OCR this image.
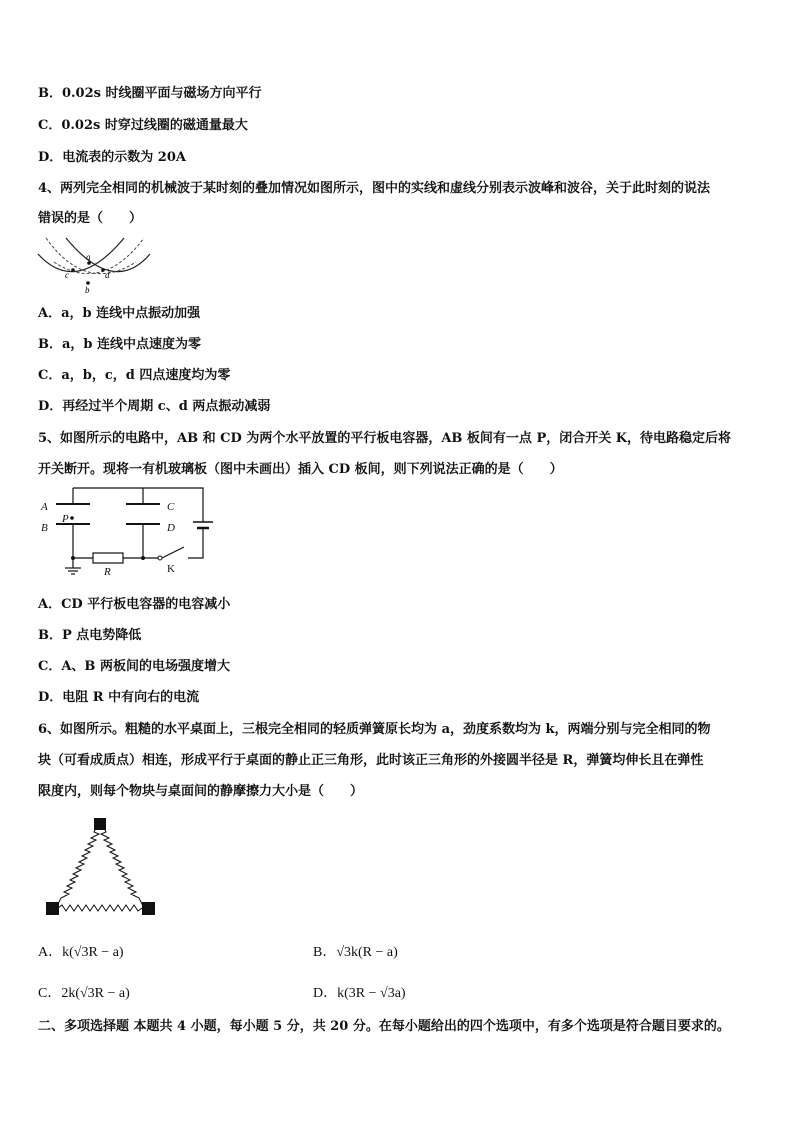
B．0.02s 时线圈平面与磁场方向平行
C．0.02s 时穿过线圈的磁通量最大
D．电流表的示数为 20A
4、两列完全相同的机械波于某时刻的叠加情况如图所示，图中的实线和虚线分别表示波峰和波谷，关于此时刻的说法
错误的是（　　）
a
b
c	d
A．a，b 连线中点振动加强
B．a，b 连线中点速度为零
C．a，b，c，d 四点速度均为零
D．再经过半个周期 c、d 两点振动减弱
5、如图所示的电路中，AB 和 CD 为两个水平放置的平行板电容器，AB 板间有一点 P，闭合开关 K，待电路稳定后将
开关断开。现将一有机玻璃板（图中未画出）插入 CD 板间，则下列说法正确的是（　　）
A
B
C
D
P
R	K
A．CD 平行板电容器的电容减小
B．P 点电势降低
C．A、B 两板间的电场强度增大
D．电阻 R 中有向右的电流
6、如图所示。粗糙的水平桌面上，三根完全相同的轻质弹簧原长均为 a，劲度系数均为 k，两端分别与完全相同的物
块（可看成质点）相连，形成平行于桌面的静止正三角形，此时该正三角形的外接圆半径是 R，弹簧均伸长且在弹性
限度内，则每个物块与桌面间的静摩擦力大小是（　　）
A．k(√3R − a)	B．√3k(R − a)
C．2k(√3R − a)	D．k(3R − √3a)
二、多项选择题 本题共 4 小题，每小题 5 分，共 20 分。在每小题给出的四个选项中，有多个选项是符合题目要求的。
